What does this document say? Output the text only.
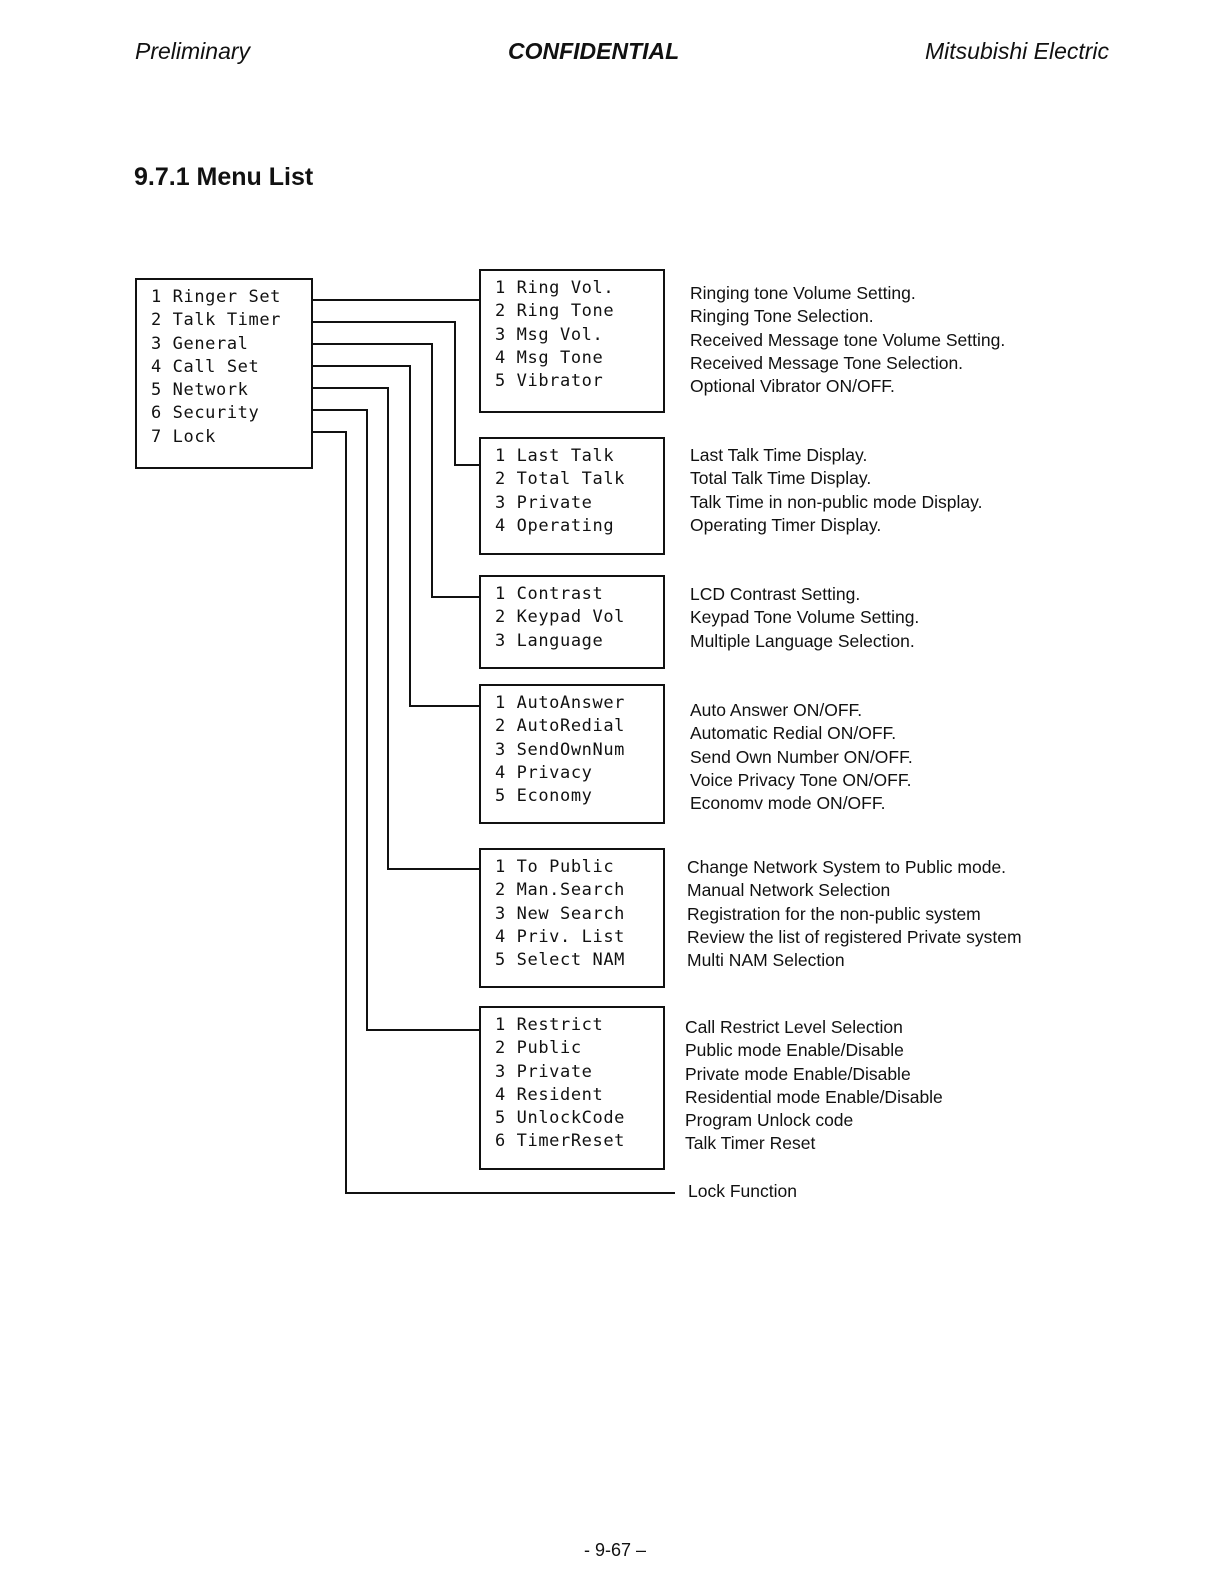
Preliminary	CONFIDENTIAL	Mitsubishi Electric
9.7.1 Menu List
1 Ringer Set
2 Talk Timer
3 General
4 Call Set
5 Network
6 Security
7 Lock
1 Ring Vol.
2 Ring Tone
3 Msg Vol.
4 Msg Tone
5 Vibrator
Ringing tone Volume Setting.
Ringing Tone Selection.
Received Message tone Volume Setting.
Received Message Tone Selection.
Optional Vibrator ON/OFF.
1 Last Talk
2 Total Talk
3 Private
4 Operating
Last Talk Time Display.
Total Talk Time Display.
Talk Time in non-public mode Display.
Operating Timer Display.
1 Contrast
2 Keypad Vol
3 Language
LCD Contrast Setting.
Keypad Tone Volume Setting.
Multiple Language Selection.
1 AutoAnswer
2 AutoRedial
3 SendOwnNum
4 Privacy
5 Economy
Auto Answer ON/OFF.
Automatic Redial ON/OFF.
Send Own Number ON/OFF.
Voice Privacy Tone ON/OFF.
Economv mode ON/OFF.
1 To Public
2 Man.Search
3 New Search
4 Priv. List
5 Select NAM
Change Network System to Public mode.
Manual Network Selection
Registration for the non-public system
Review the list of registered Private system
Multi NAM Selection
1 Restrict
2 Public
3 Private
4 Resident
5 UnlockCode
6 TimerReset
Call Restrict Level Selection
Public mode Enable/Disable
Private mode Enable/Disable
Residential mode Enable/Disable
Program Unlock code
Talk Timer Reset
Lock Function
- 9-67 –
